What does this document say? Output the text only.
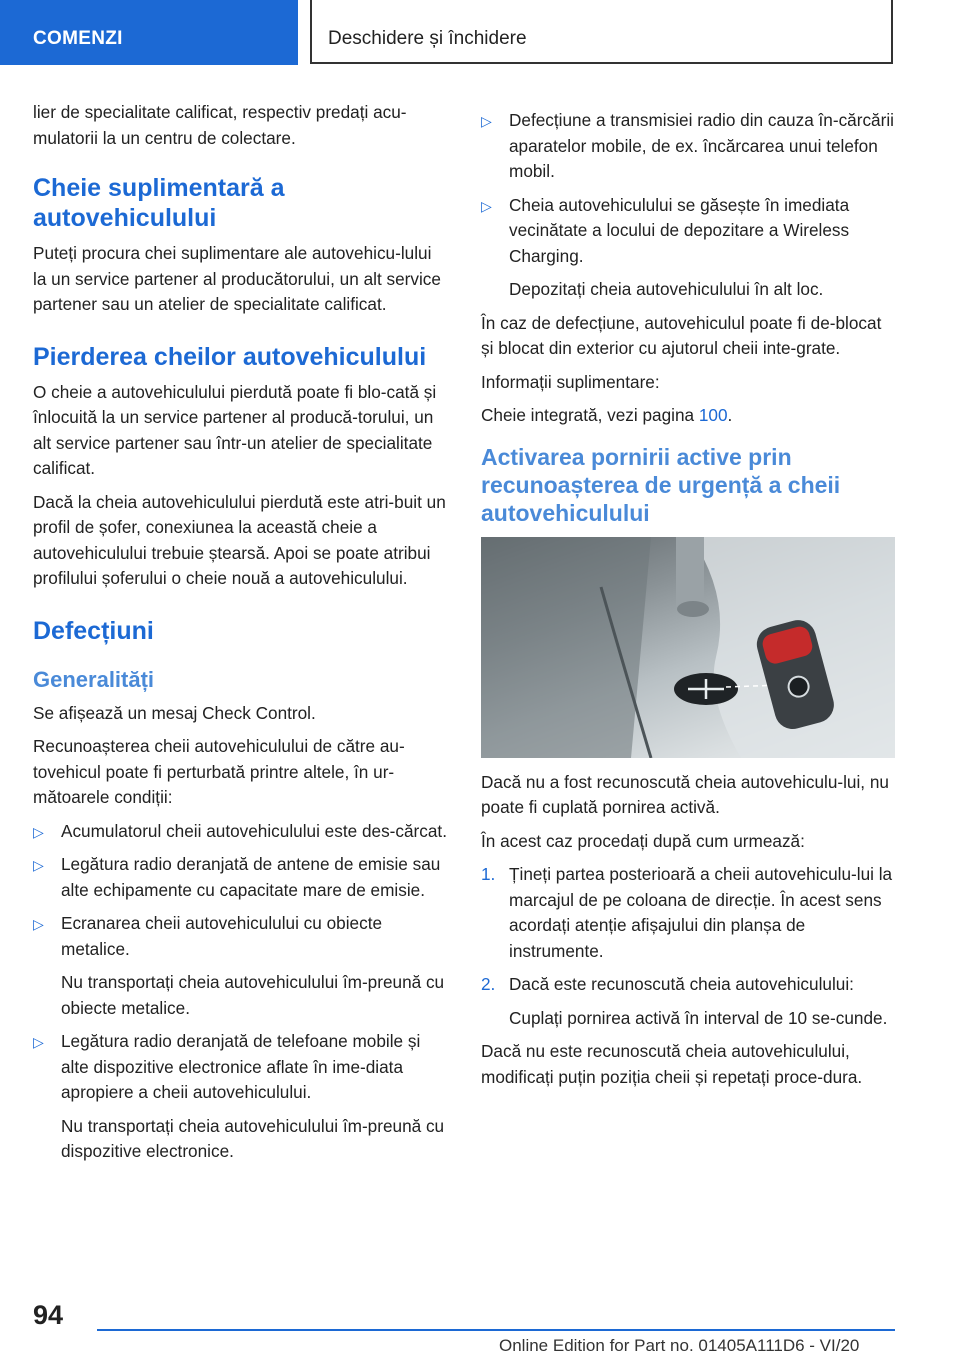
COMENZI	Deschidere și închidere

lier de specialitate calificat, respectiv predați acu-mulatorii la un centru de colectare.

Cheie suplimentară a autovehiculului

Puteți procura chei suplimentare ale autovehicu-lului la un service partener al producătorului, un alt service partener sau un atelier de specialitate calificat.

Pierderea cheilor autovehiculului

O cheie a autovehiculului pierdută poate fi blo-cată și înlocuită la un service partener al producă-torului, un alt service partener sau într-un atelier de specialitate calificat.

Dacă la cheia autovehiculului pierdută este atri-buit un profil de șofer, conexiunea la această cheie a autovehiculului trebuie ștearsă. Apoi se poate atribui profilului șoferului o cheie nouă a autovehiculului.

Defecțiuni
Generalități

Se afișează un mesaj Check Control.

Recunoașterea cheii autovehiculului de către au-tovehicul poate fi perturbată printre altele, în ur-mătoarele condiții:

▷ Acumulatorul cheii autovehiculului este des-cărcat.
▷ Legătura radio deranjată de antene de emisie sau alte echipamente cu capacitate mare de emisie.
▷ Ecranarea cheii autovehiculului cu obiecte metalice.
Nu transportați cheia autovehiculului îm-preună cu obiecte metalice.
▷ Legătura radio deranjată de telefoane mobile și alte dispozitive electronice aflate în ime-diata apropiere a cheii autovehiculului.
Nu transportați cheia autovehiculului îm-preună cu dispozitive electronice.
▷ Defecțiune a transmisiei radio din cauza în-cărcării aparatelor mobile, de ex. încărcarea unui telefon mobil.
▷ Cheia autovehiculului se găsește în imediata vecinătate a locului de depozitare a Wireless Charging.
Depozitați cheia autovehiculului în alt loc.

În caz de defecțiune, autovehiculul poate fi de-blocat și blocat din exterior cu ajutorul cheii inte-grate.

Informații suplimentare:

Cheie integrată, vezi pagina 100.

Activarea pornirii active prin recunoașterea de urgență a cheii autovehiculului

Dacă nu a fost recunoscută cheia autovehiculu-lui, nu poate fi cuplată pornirea activă.

În acest caz procedați după cum urmează:

1. Țineți partea posterioară a cheii autovehiculu-lui la marcajul de pe coloana de direcție. În acest sens acordați atenție afișajului din planșa de instrumente.
2. Dacă este recunoscută cheia autovehiculului:
Cuplați pornirea activă în interval de 10 se-cunde.

Dacă nu este recunoscută cheia autovehiculului, modificați puțin poziția cheii și repetați proce-dura.

94
Online Edition for Part no. 01405A111D6 - VI/20
